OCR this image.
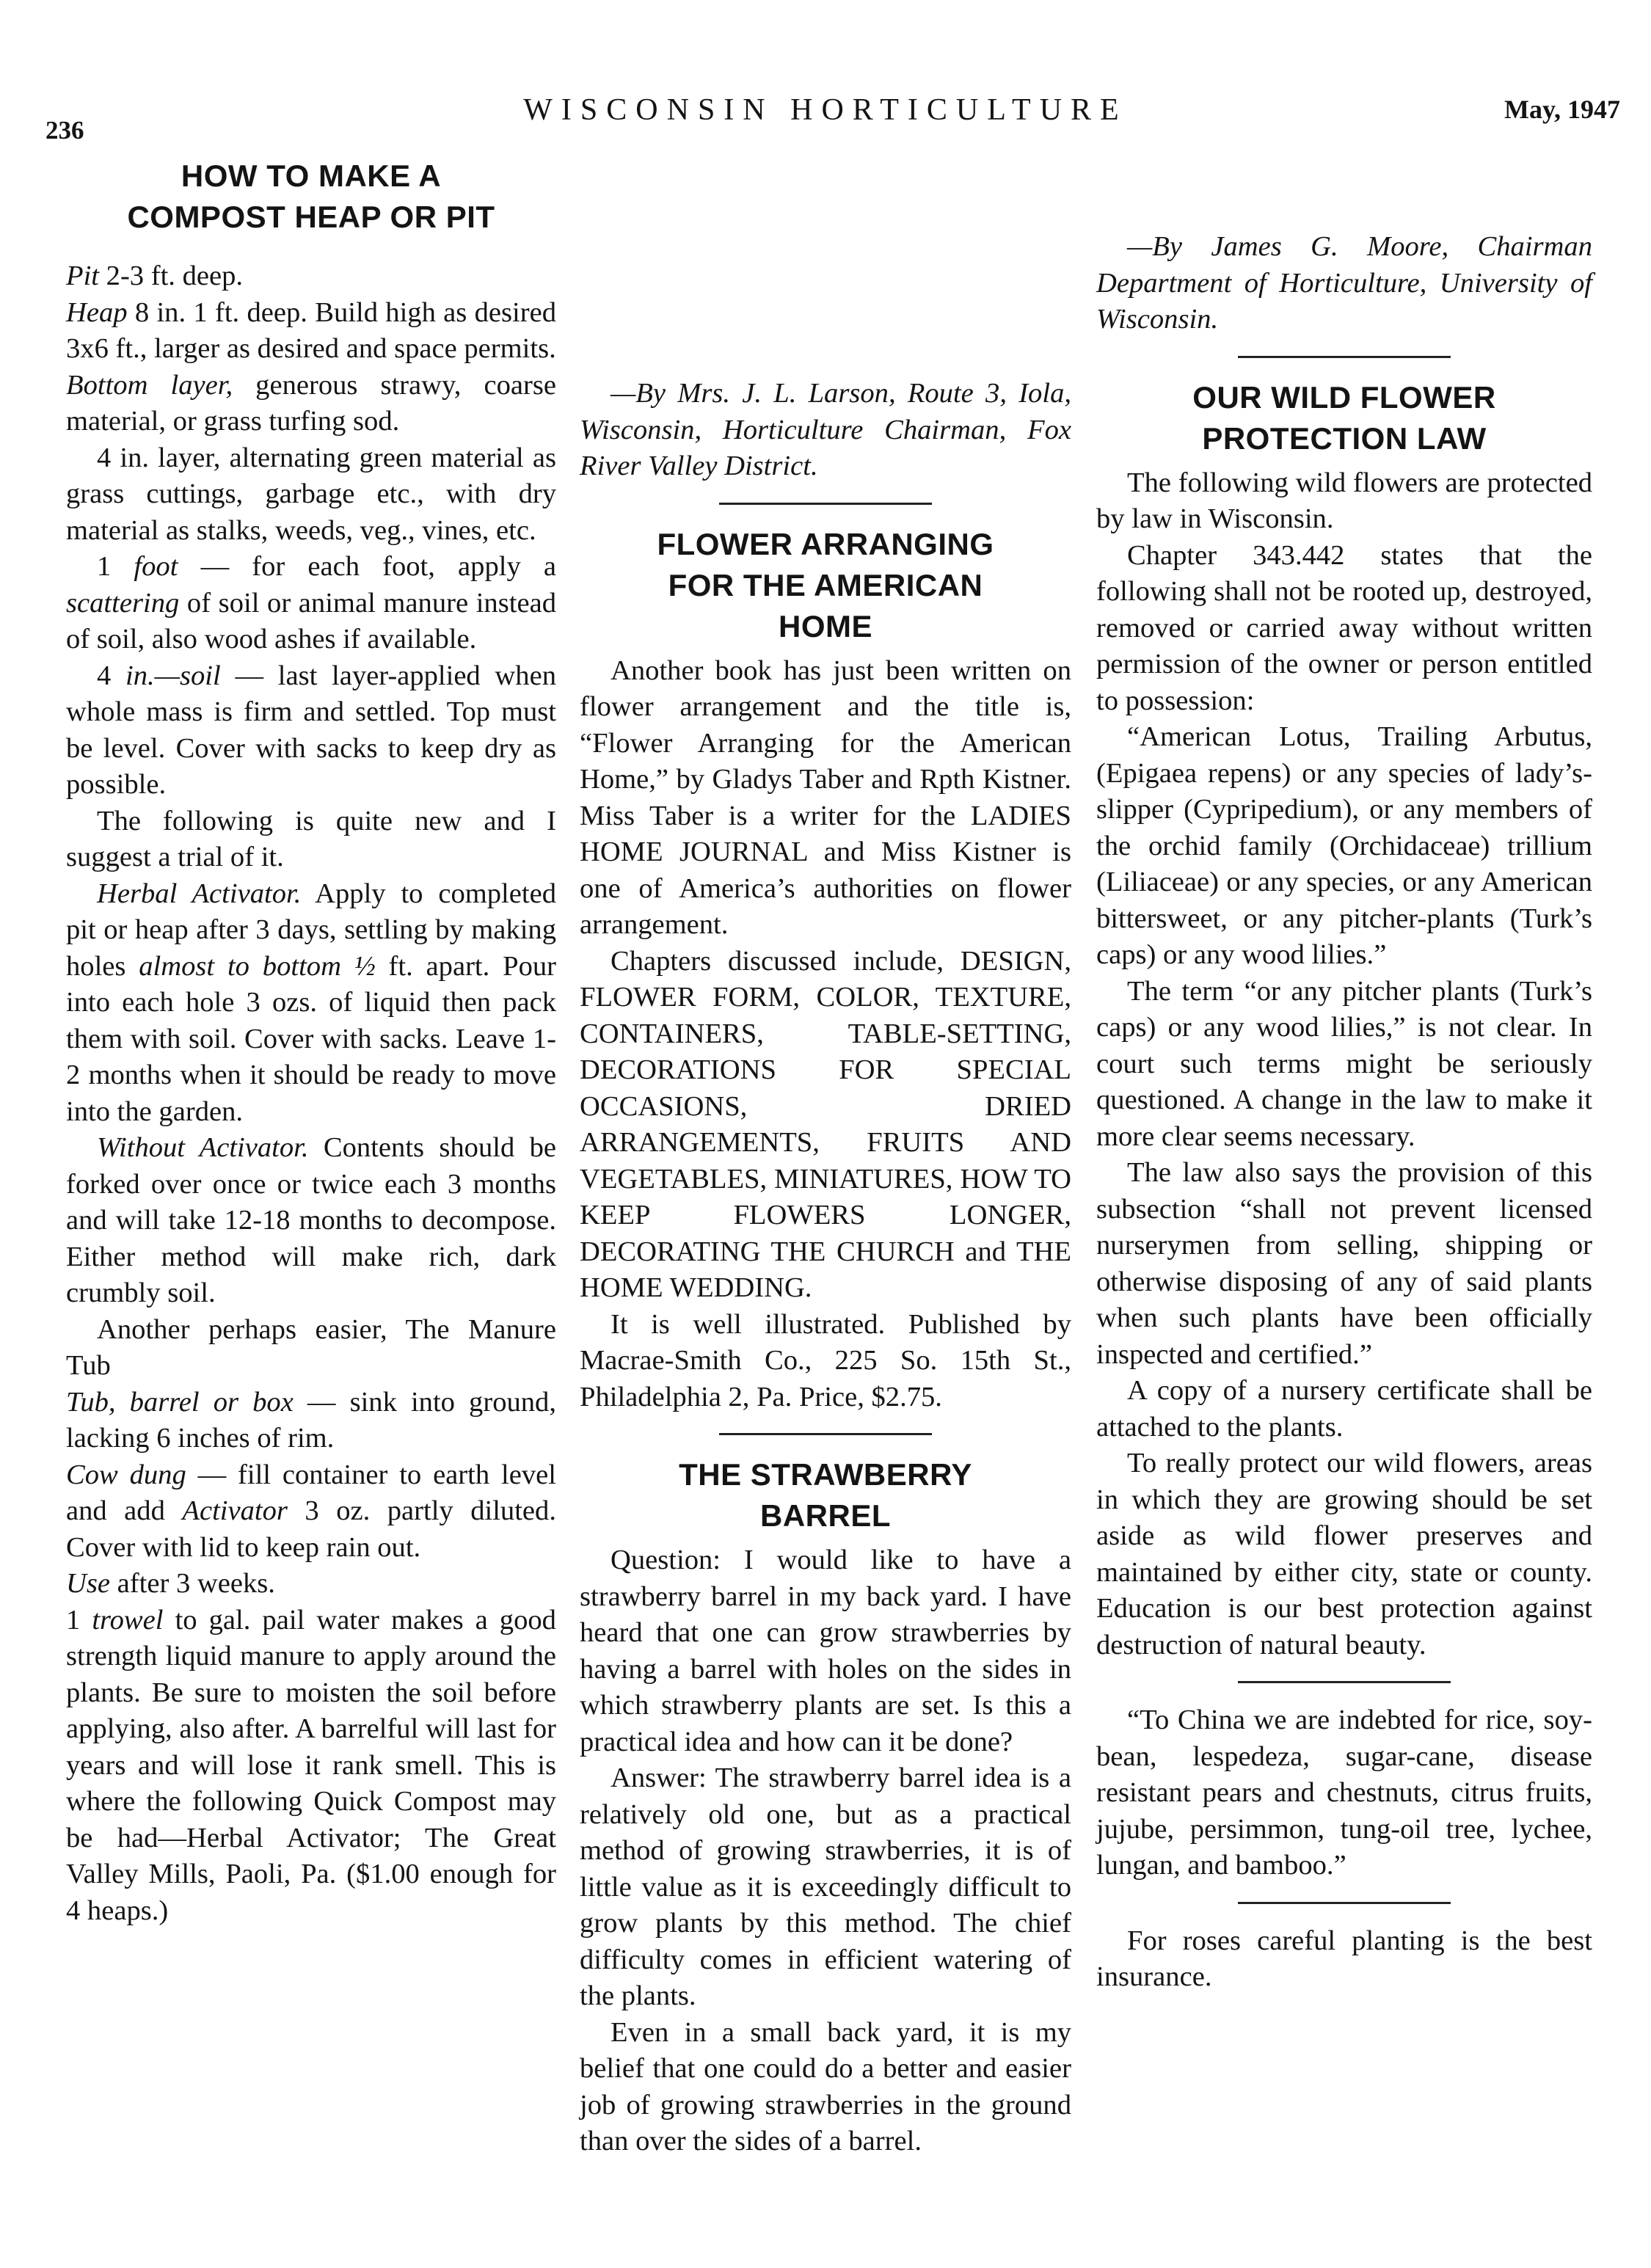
236
WISCONSIN HORTICULTURE	May, 1947
HOW TO MAKE A
COMPOST HEAP OR PIT

Pit 2-3 ft. deep.

Heap 8 in. 1 ft. deep. Build high as desired 3x6 ft., larger as desired and space permits.

Bottom layer, generous strawy, coarse material, or grass turfing sod.

4 in. layer, alternating green material as grass cuttings, garbage etc., with dry material as stalks, weeds, veg., vines, etc.

1 foot — for each foot, apply a scattering of soil or animal manure instead of soil, also wood ashes if available.

4 in.—soil — last layer-applied when whole mass is firm and settled. Top must be level. Cover with sacks to keep dry as possible.

The following is quite new and I suggest a trial of it.

Herbal Activator. Apply to completed pit or heap after 3 days, settling by making holes almost to bottom ½ ft. apart. Pour into each hole 3 ozs. of liquid then pack them with soil. Cover with sacks. Leave 1-2 months when it should be ready to move into the garden.

Without Activator. Contents should be forked over once or twice each 3 months and will take 12-18 months to decompose. Either method will make rich, dark crumbly soil.

Another perhaps easier, The Manure Tub

Tub, barrel or box — sink into ground, lacking 6 inches of rim.

Cow dung — fill container to earth level and add Activator 3 oz. partly diluted. Cover with lid to keep rain out.

Use after 3 weeks.

1 trowel to gal. pail water makes a good strength liquid manure to apply around the plants. Be sure to moisten the soil before applying, also after. A barrelful will last for years and will lose it rank smell. This is where the following Quick Compost may be had—Herbal Activator; The Great Valley Mills, Paoli, Pa. ($1.00 enough for 4 heaps.)

—By Mrs. J. L. Larson, Route 3, Iola, Wisconsin, Horticulture Chairman, Fox River Valley District.

FLOWER ARRANGING
FOR THE AMERICAN
HOME

Another book has just been written on flower arrangement and the title is, “Flower Arranging for the American Home,” by Gladys Taber and Rpth Kistner. Miss Taber is a writer for the LADIES HOME JOURNAL and Miss Kistner is one of America’s authorities on flower arrangement.

Chapters discussed include, DESIGN, FLOWER FORM, COLOR, TEXTURE, CONTAINERS, TABLE-SETTING, DECORATIONS FOR SPECIAL OCCASIONS, DRIED ARRANGEMENTS, FRUITS AND VEGETABLES, MINIATURES, HOW TO KEEP FLOWERS LONGER, DECORATING THE CHURCH and THE HOME WEDDING.

It is well illustrated. Published by Macrae-Smith Co., 225 So. 15th St., Philadelphia 2, Pa. Price, $2.75.

THE STRAWBERRY
BARREL

Question: I would like to have a strawberry barrel in my back yard. I have heard that one can grow strawberries by having a barrel with holes on the sides in which strawberry plants are set. Is this a practical idea and how can it be done?

Answer: The strawberry barrel idea is a relatively old one, but as a practical method of growing strawberries, it is of little value as it is exceedingly difficult to grow plants by this method. The chief difficulty comes in efficient watering of the plants.

Even in a small back yard, it is my belief that one could do a better and easier job of growing strawberries in the ground than over the sides of a barrel.

—By James G. Moore, Chairman Department of Horticulture, University of Wisconsin.

OUR WILD FLOWER
PROTECTION LAW

The following wild flowers are protected by law in Wisconsin.

Chapter 343.442 states that the following shall not be rooted up, destroyed, removed or carried away without written permission of the owner or person entitled to possession:

“American Lotus, Trailing Arbutus, (Epigaea repens) or any species of lady’s-slipper (Cypripedium), or any members of the orchid family (Orchidaceae) trillium (Liliaceae) or any species, or any American bittersweet, or any pitcher-plants (Turk’s caps) or any wood lilies.”

The term “or any pitcher plants (Turk’s caps) or any wood lilies,” is not clear. In court such terms might be seriously questioned. A change in the law to make it more clear seems necessary.

The law also says the provision of this subsection “shall not prevent licensed nurserymen from selling, shipping or otherwise disposing of any of said plants when such plants have been officially inspected and certified.”

A copy of a nursery certificate shall be attached to the plants.

To really protect our wild flowers, areas in which they are growing should be set aside as wild flower preserves and maintained by either city, state or county. Education is our best protection against destruction of natural beauty.

“To China we are indebted for rice, soy-bean, lespedeza, sugar-cane, disease resistant pears and chestnuts, citrus fruits, jujube, persimmon, tung-oil tree, lychee, lungan, and bamboo.”

For roses careful planting is the best insurance.
